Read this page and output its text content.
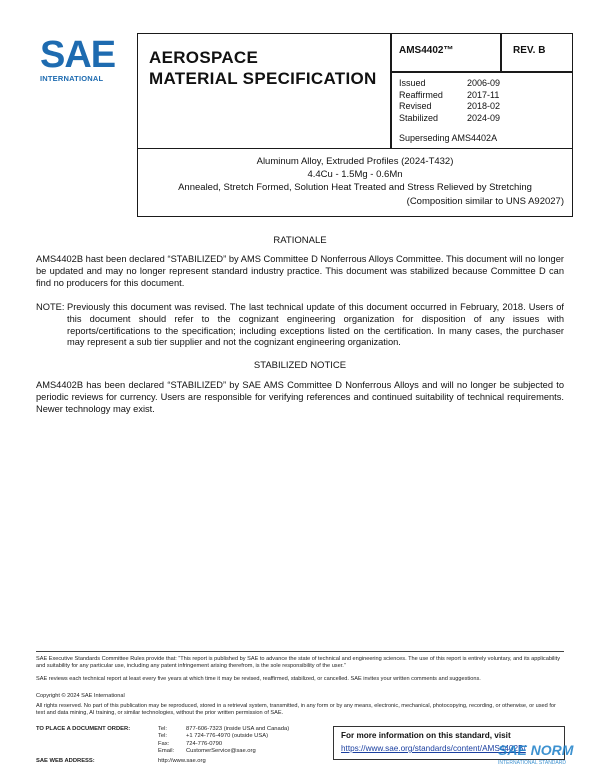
SAE
INTERNATIONAL
AEROSPACE
MATERIAL SPECIFICATION
AMS4402™	REV. B
Issued	2006-09
Reaffirmed	2017-11
Revised	2018-02
Stabilized	2024-09
Superseding AMS4402A
Aluminum Alloy, Extruded Profiles (2024-T432)
4.4Cu - 1.5Mg - 0.6Mn
Annealed, Stretch Formed, Solution Heat Treated and Stress Relieved by Stretching
(Composition similar to UNS A92027)
RATIONALE
AMS4402B hast been declared “STABILIZED” by AMS Committee D Nonferrous Alloys Committee. This document will no longer be updated and may no longer represent standard industry practice. This document was stabilized because Committee D can find no producers for this document.
NOTE: Previously this document was revised. The last technical update of this document occurred in February, 2018. Users of this document should refer to the cognizant engineering organization for disposition of any issues with reports/certifications to the specification; including exceptions listed on the certification. In many cases, the purchaser may represent a sub tier supplier and not the cognizant engineering organization.
STABILIZED NOTICE
AMS4402B has been declared “STABILIZED” by SAE AMS Committee D Nonferrous Alloys and will no longer be subjected to periodic reviews for currency. Users are responsible for verifying references and continued suitability of technical requirements. Newer technology may exist.
SAE Executive Standards Committee Rules provide that: “This report is published by SAE to advance the state of technical and engineering sciences. The use of this report is entirely voluntary, and its applicability and suitability for any particular use, including any patent infringement arising therefrom, is the sole responsibility of the user.”
SAE reviews each technical report at least every five years at which time it may be revised, reaffirmed, stabilized, or cancelled. SAE invites your written comments and suggestions.
Copyright © 2024 SAE International
All rights reserved. No part of this publication may be reproduced, stored in a retrieval system, transmitted, in any form or by any means, electronic, mechanical, photocopying, recording, or otherwise, or used for text and data mining, AI training, or similar technologies, without the prior written permission of SAE.
TO PLACE A DOCUMENT ORDER:	Tel:	877-606-7323 (inside USA and Canada)
Tel:	+1 724-776-4970 (outside USA)
Fax:	724-776-0790
Email:	CustomerService@sae.org
SAE WEB ADDRESS:	http://www.sae.org
For more information on this standard, visit
https://www.sae.org/standards/content/AMS4402B/
SAE NORM
INTERNATIONAL STANDARD
